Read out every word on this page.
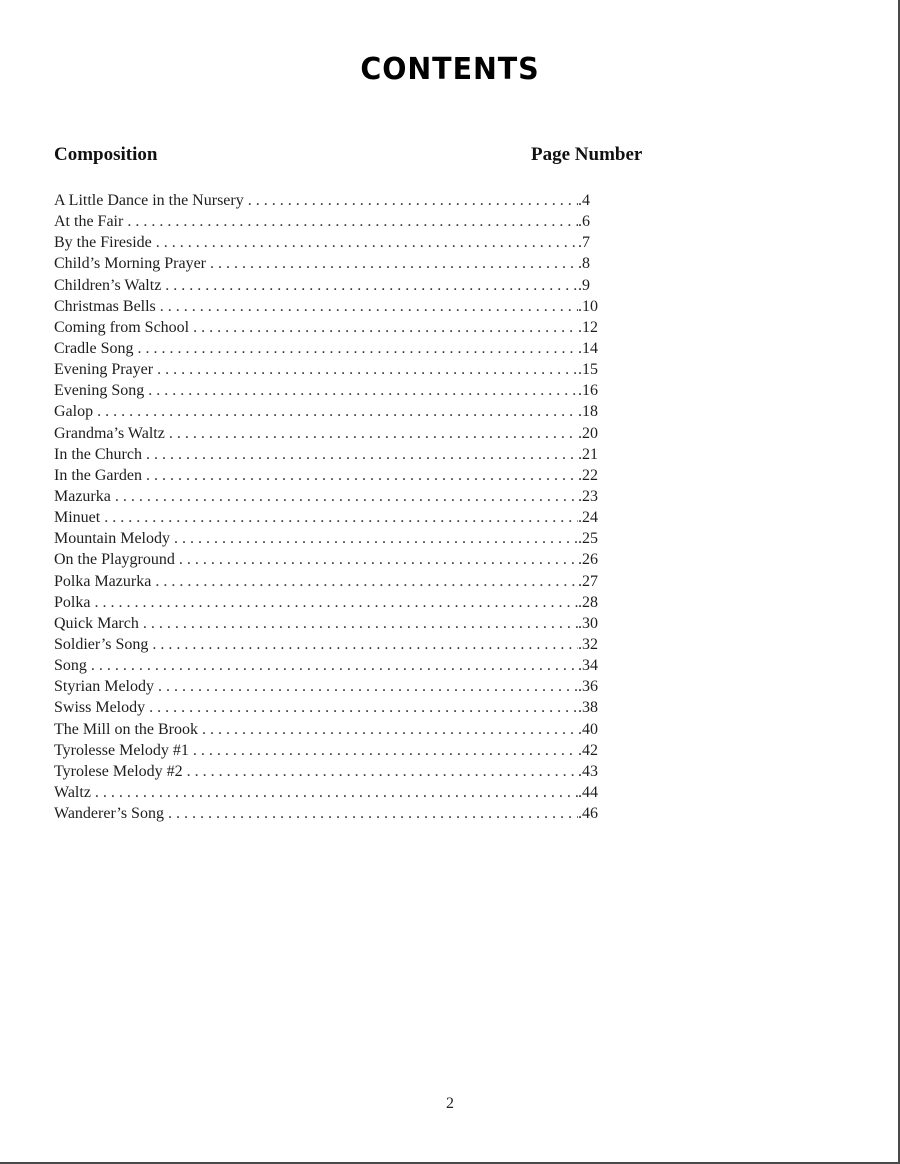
CONTENTS
Composition	Page Number
A Little Dance in the Nursery . . .	.4
At the Fair . . .	.6
By the Fireside . . .	.7
Child’s Morning Prayer . . .	.8
Children’s Waltz . . .	.9
Christmas Bells . . .	.10
Coming from School . . .	.12
Cradle Song . . .	.14
Evening Prayer . . .	.15
Evening Song . . .	.16
Galop . . .	.18
Grandma’s Waltz . . .	.20
In the Church . . .	.21
In the Garden . . .	.22
Mazurka . . .	.23
Minuet . . .	.24
Mountain Melody . . .	.25
On the Playground . . .	.26
Polka Mazurka . . .	.27
Polka . . .	.28
Quick March . . .	.30
Soldier’s Song . . .	.32
Song . . .	.34
Styrian Melody . . .	.36
Swiss Melody . . .	.38
The Mill on the Brook . . .	.40
Tyrolesse Melody #1 . . .	.42
Tyrolese Melody #2 . . .	.43
Waltz . . .	.44
Wanderer’s Song . . .	.46
2
